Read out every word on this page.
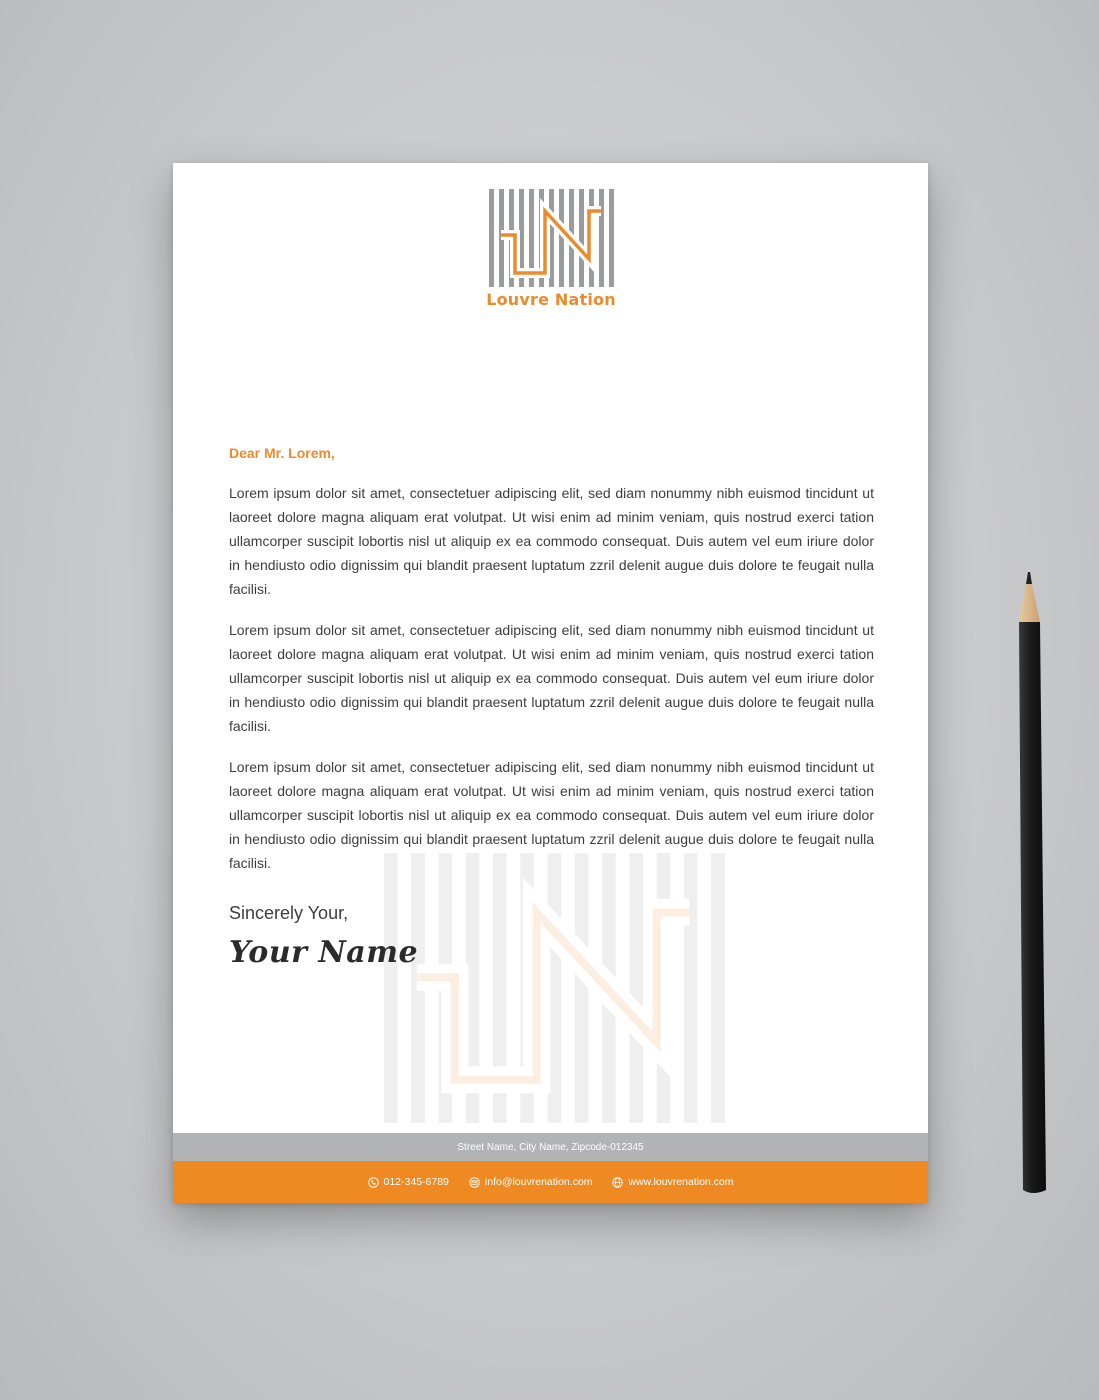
Louvre Nation
Dear Mr. Lorem,

Lorem ipsum dolor sit amet, consectetuer adipiscing elit, sed diam nonummy nibh euismod tincidunt ut laoreet dolore magna aliquam erat volutpat. Ut wisi enim ad minim veniam, quis nostrud exerci tation ullamcorper suscipit lobortis nisl ut aliquip ex ea commodo consequat. Duis autem vel eum iriure dolor in hendiusto odio dignissim qui blandit praesent luptatum zzril delenit augue duis dolore te feugait nulla facilisi.

Lorem ipsum dolor sit amet, consectetuer adipiscing elit, sed diam nonummy nibh euismod tincidunt ut laoreet dolore magna aliquam erat volutpat. Ut wisi enim ad minim veniam, quis nostrud exerci tation ullamcorper suscipit lobortis nisl ut aliquip ex ea commodo consequat. Duis autem vel eum iriure dolor in hendiusto odio dignissim qui blandit praesent luptatum zzril delenit augue duis dolore te feugait nulla facilisi.

Lorem ipsum dolor sit amet, consectetuer adipiscing elit, sed diam nonummy nibh euismod tincidunt ut laoreet dolore magna aliquam erat volutpat. Ut wisi enim ad minim veniam, quis nostrud exerci tation ullamcorper suscipit lobortis nisl ut aliquip ex ea commodo consequat. Duis autem vel eum iriure dolor in hendiusto odio dignissim qui blandit praesent luptatum zzril delenit augue duis dolore te feugait nulla facilisi.

Sincerely Your,
Your Name
Street Name, City Name, Zipcode-012345
012-345-6789	info@louvrenation.com	www.louvrenation.com
